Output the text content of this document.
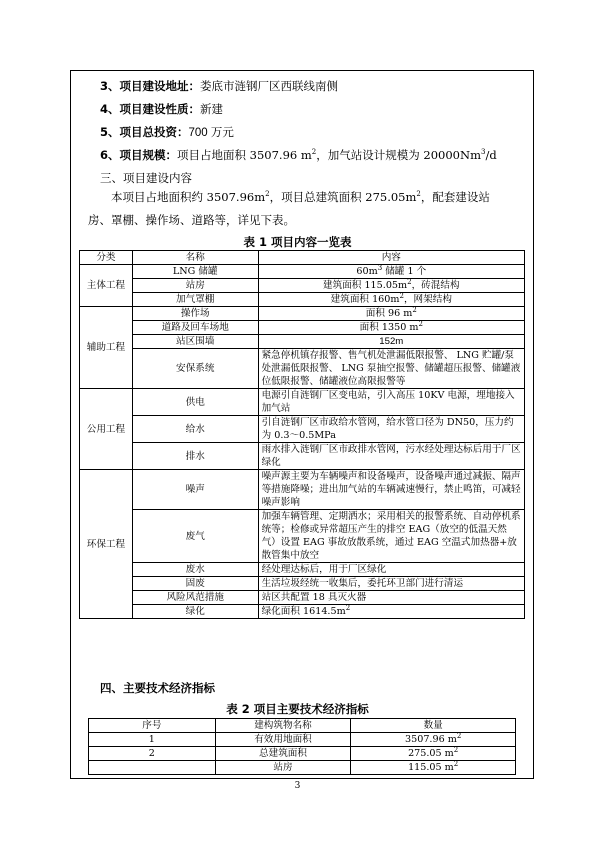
3、项目建设地址：娄底市涟钢厂区西联线南侧
4、项目建设性质：新建
5、项目总投资：700 万元
6、项目规模：项目占地面积 3507.96 $m^2$，加气站设计规模为 20000Nm$^3$/d
三、项目建设内容
本项目占地面积约 $3507.96m^2$，项目总建筑面积 $275.05m^2$，配套建设站房、罩棚、操作场、道路等，详见下表。
表 1 项目内容一览表
分类	名称	内容
主体工程	LNG 储罐	$60m^3$ 储罐 1 个
	站房	建筑面积 $115.05m^2$，砖混结构
	加气罩棚	建筑面积 $160m^2$，网架结构
辅助工程	操作场	面积 96 $m^2$
	道路及回车场地	面积 1350 $m^2$
	站区围墙	152m
	安保系统	紧急停机镇存报警、售气机处泄漏低限报警、 LNG 贮罐/泵处泄漏低限报警、 LNG 泵抽空报警、储罐超压报警、储罐液位低限报警、储罐液位高限报警等
公用工程	供电	电源引自涟钢厂区变电站，引入高压 10KV 电源，埋地接入加气站
	给水	引自涟钢厂区市政给水管网，给水管口径为 DN50，压力约为 0.3～0.5MPa
	排水	雨水排入涟钢厂区市政排水管网，污水经处理达标后用于厂区绿化
环保工程	噪声	噪声源主要为车辆噪声和设备噪声，设备噪声通过减振、隔声等措施降噪；进出加气站的车辆减速慢行，禁止鸣笛，可减轻噪声影响
	废气	加强车辆管理、定期洒水；采用相关的报警系统、自动停机系统等；检修或异常超压产生的排空 EAG（放空的低温天然气）设置 EAG 事故放散系统，通过 EAG 空温式加热器+放散管集中放空
	废水	经处理达标后，用于厂区绿化
	固废	生活垃圾经统一收集后，委托环卫部门进行清运
	风险风范措施	站区共配置 18 具灭火器
	绿化	绿化面积 $1614.5m^2$
四、主要技术经济指标
表 2 项目主要技术经济指标
序号	建构筑物名称	数量
1	有效用地面积	3507.96 $m^2$
2	总建筑面积	275.05 $m^2$
	站房	115.05 $m^2$
3
